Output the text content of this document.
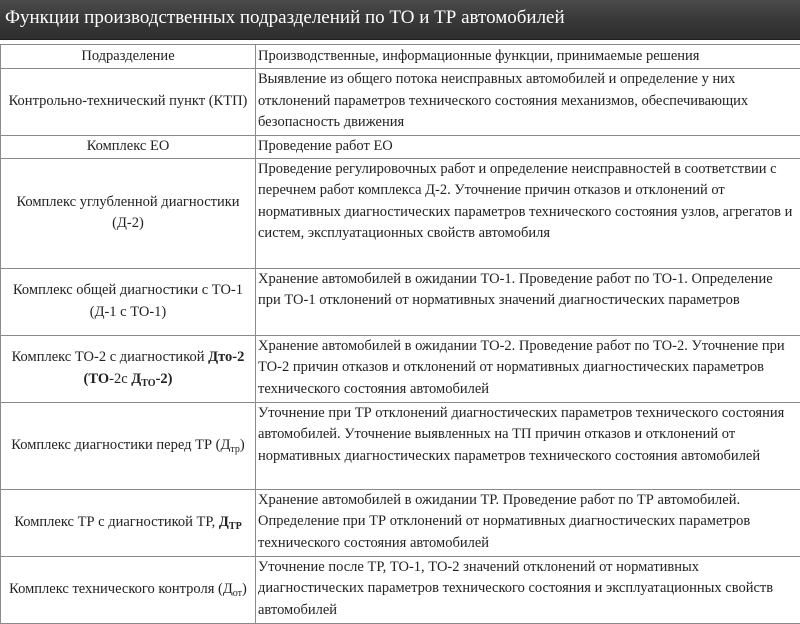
Функции производственных подразделений по ТО и ТР автомобилей
Подразделение	Производственные, информационные функции, принимаемые решения
Контрольно-технический пункт (КТП)	Выявление из общего потока неисправных автомобилей и определение у них отклонений параметров технического состояния механизмов, обеспечивающих безопасность движения
Комплекс ЕО	Проведение работ ЕО
Комплекс углубленной диагностики (Д-2)	Проведение регулировочных работ и определение неисправностей в соответствии с перечнем работ комплекса Д-2. Уточнение причин отказов и отклонений от нормативных диагностических параметров технического состояния узлов, агрегатов и систем, эксплуатационных свойств автомобиля
Комплекс общей диагностики с ТО-1 (Д-1 с ТО-1)	Хранение автомобилей в ожидании ТО-1. Проведение работ по ТО-1. Определение при ТО-1 отклонений от нормативных значений диагностических параметров
Комплекс ТО-2 с диагностикой Дто-2 (ТО-2с $Д_{ТО}-2$)	Хранение автомобилей в ожидании ТО-2. Проведение работ по ТО-2. Уточнение при ТО-2 причин отказов и отклонений от нормативных диагностических параметров технического состояния автомобилей
Комплекс диагностики перед ТР $(Д_{тр})$	Уточнение при ТР отклонений диагностических параметров технического состояния автомобилей. Уточнение выявленных на ТП причин отказов и отклонений от нормативных диагностических параметров технического состояния автомобилей
Комплекс ТР с диагностикой ТР, $Д_{ТР}$	Хранение автомобилей в ожидании ТР. Проведение работ по ТР автомобилей. Определение при ТР отклонений от нормативных диагностических параметров технического состояния автомобилей
Комплекс технического контроля $(Д_{от})$	Уточнение после ТР, ТО-1, ТО-2 значений отклонений от нормативных диагностических параметров технического состояния и эксплуатационных свойств автомобилей
